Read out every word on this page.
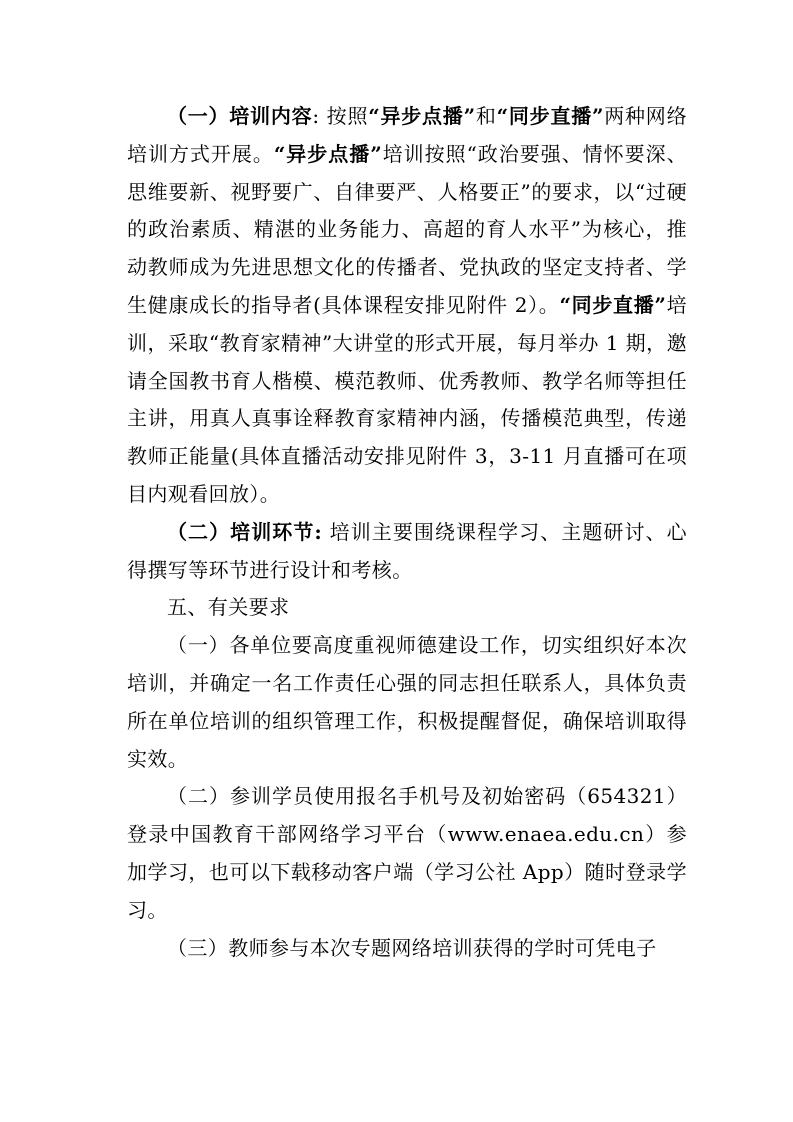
（一）培训内容: 按照“异步点播”和“同步直播”两种网络培训方式开展。“异步点播”培训按照“政治要强、情怀要深、思维要新、视野要广、自律要严、人格要正”的要求，以“过硬的政治素质、精湛的业务能力、高超的育人水平”为核心，推动教师成为先进思想文化的传播者、党执政的坚定支持者、学生健康成长的指导者(具体课程安排见附件 2）。“同步直播”培训，采取“教育家精神”大讲堂的形式开展，每月举办 1 期，邀请全国教书育人楷模、模范教师、优秀教师、教学名师等担任主讲，用真人真事诠释教育家精神内涵，传播模范典型，传递教师正能量(具体直播活动安排见附件 3，3-11 月直播可在项目内观看回放）。

（二）培训环节: 培训主要围绕课程学习、主题研讨、心得撰写等环节进行设计和考核。

五、有关要求

（一）各单位要高度重视师德建设工作，切实组织好本次培训，并确定一名工作责任心强的同志担任联系人，具体负责所在单位培训的组织管理工作，积极提醒督促，确保培训取得实效。

（二）参训学员使用报名手机号及初始密码（654321）登录中国教育干部网络学习平台（www.enaea.edu.cn）参加学习，也可以下载移动客户端（学习公社 App）随时登录学习。

（三）教师参与本次专题网络培训获得的学时可凭电子
